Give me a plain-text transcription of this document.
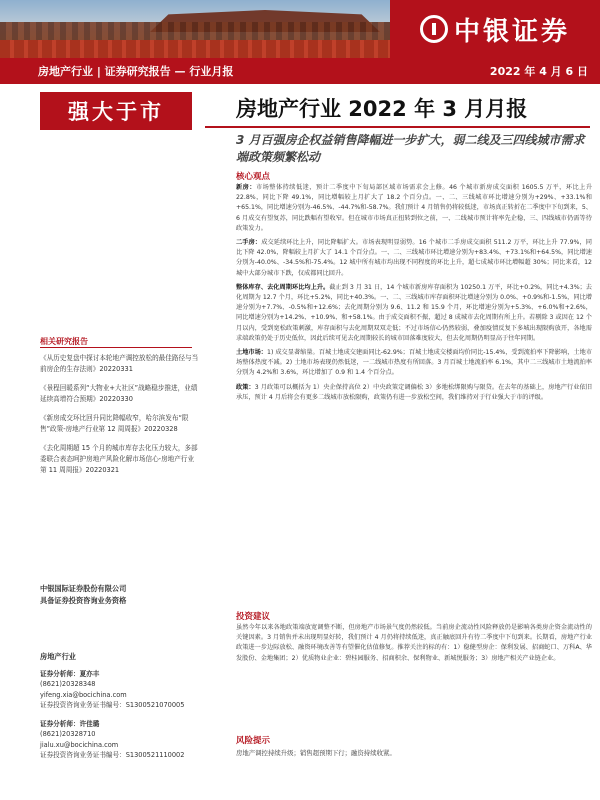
中银证券
房地产行业 | 证券研究报告 — 行业月报	2022 年 4 月 6 日
强大于市	房地产行业 2022 年 3 月月报
3 月百强房企权益销售降幅进一步扩大，弱二线及三四线城市需求端政策频繁松动
核心观点

新房：市场整体持续低迷，预计二季度中下旬局部区域市场需求会上修。46 个城市新房成交面积 1605.5 万平，环比上升 22.8%，同比下降 49.1%，同比增幅较上月扩大了 18.2 个百分点。一、二、三线城市环比增速分别为+29%、+33.1%和+65.1%，同比增速分别为-46.5%、-44.7%和-58.7%。我们预计 4 月销售仍将较低迷，市场真正转折在二季度中下旬到来，5、6 月成交有望复苏，同比跌幅有望收窄。但在城市市场真正扭转到位之前，一、二线城市预计将率先企稳，三、四线城市仍需等待政策发力。

二手房：成交延续环比上升，同比降幅扩大。市场表现明显弱势。16 个城市二手房成交面积 511.2 万平，环比上升 77.9%，同比下降 42.0%，降幅较上月扩大了 14.1 个百分点。一、二、三线城市环比增速分别为+83.4%、+73.1%和+64.5%，同比增速分别为-40.0%、-34.5%和-75.4%。12 城中所有城市均出现不同程度的环比上升，超七成城市环比增幅超 30%；同比来看，12 城中大部分城市下跌，仅成都同比回升。

整体库存、去化周期环比均上升。截止到 3 月 31 日，14 个城市新房库存面积为 10250.1 万平，环比+0.2%，同比+4.3%；去化周期为 12.7 个月，环比+5.2%，同比+40.3%。一、二、三线城市库存面积环比增速分别为 0.0%、+0.9%和-1.5%，同比增速分别为+7.7%、-0.5%和+12.6%；去化周期分别为 9.6、11.2 和 15.9 个月，环比增速分别为+5.3%、+6.0%和+2.6%，同比增速分别为+14.2%、+10.9%、和+58.1%。由于成交面积不振，超过 8 成城市去化周期有所上升。若剔除 3 或因在 12 个月以内，受到宽松政策刺激，库存面积与去化周期双双走低；不过市场信心仍然较弱，叠加疫情反复下多城出现限购放开，各地需求端政策仍处于历史低位，因此后续可见去化周期较长的城市回落难度较大，但去化周期仍明显高于往年同期。

土地市场：1) 成交显著缩量。百城土地成交建面同比-62.9%；百城土地成交楼面均价同比-15.4%，受到流拍率下降影响，土地市场整体热度不减。2) 土地市场表现仍然低迷，一二线城市热度有所回落。3 月百城土地流拍率 6.1%，其中二三线城市土地流拍率分别为 4.2%和 3.6%，环比增加了 0.9 和 1.4 个百分点。

政策：3 月政策可以概括为 1）央企保持高位 2）中央政策定调偏松 3）多地松绑限购与限贷。在去年的基础上，房地产行业依旧承压，预计 4 月后将会有更多二线城市放松限购，政策仍有进一步放松空间，我们维持对于行业强大于市的评级。

相关研究报告
《从历史复盘中探讨本轮地产调控放松的最佳路径与当前房企的生存法则》20220331
《景程回暖系列“大物业+大社区”战略稳步推进，业绩延续高增符合预期》20220330
《新房成交环比回升同比降幅收窄，哈尔滨发布“限售”政策-房地产行业第 12 周周报》20220328
《去化周期超 15 个月的城市库存去化压力较大，多部委联合表态呵护房地产风险化解市场信心-房地产行业第 11 周周报》20220321
中银国际证券股份有限公司
具备证券投资咨询业务资格
房地产行业
证券分析师：夏亦丰
(8621)20328348
yifeng.xia@bocichina.com
证券投资咨询业务证书编号：S1300521070005
证券分析师：许佳璐
(8621)20328710
jialu.xu@bocichina.com
证券投资咨询业务证书编号：S1300521110002
投资建议

虽然今年以来各地政策端放宽调整不断，但房地产市场景气度仍然较低。当前房企流动性风险释放仍是影响各类房企资金流动性的关键因素。3 月销售并未出现明显好转，我们预计 4 月仍将持续低迷，真正触底回升有待二季度中下旬到来。长期看，房地产行业政策进一步边际放松、融资环境改善等有望催化估值修复。推荐关注的标的有：1）稳健型房企：保利发展、招商蛇口、万科A、华发股份、金地集团；2）优质物业企业：碧桂园服务、招商积余、保利物业、新城悦服务；3）房地产相关产业链企业。

风险提示
房地产调控持续升级；销售超预期下行；融资持续收紧。
